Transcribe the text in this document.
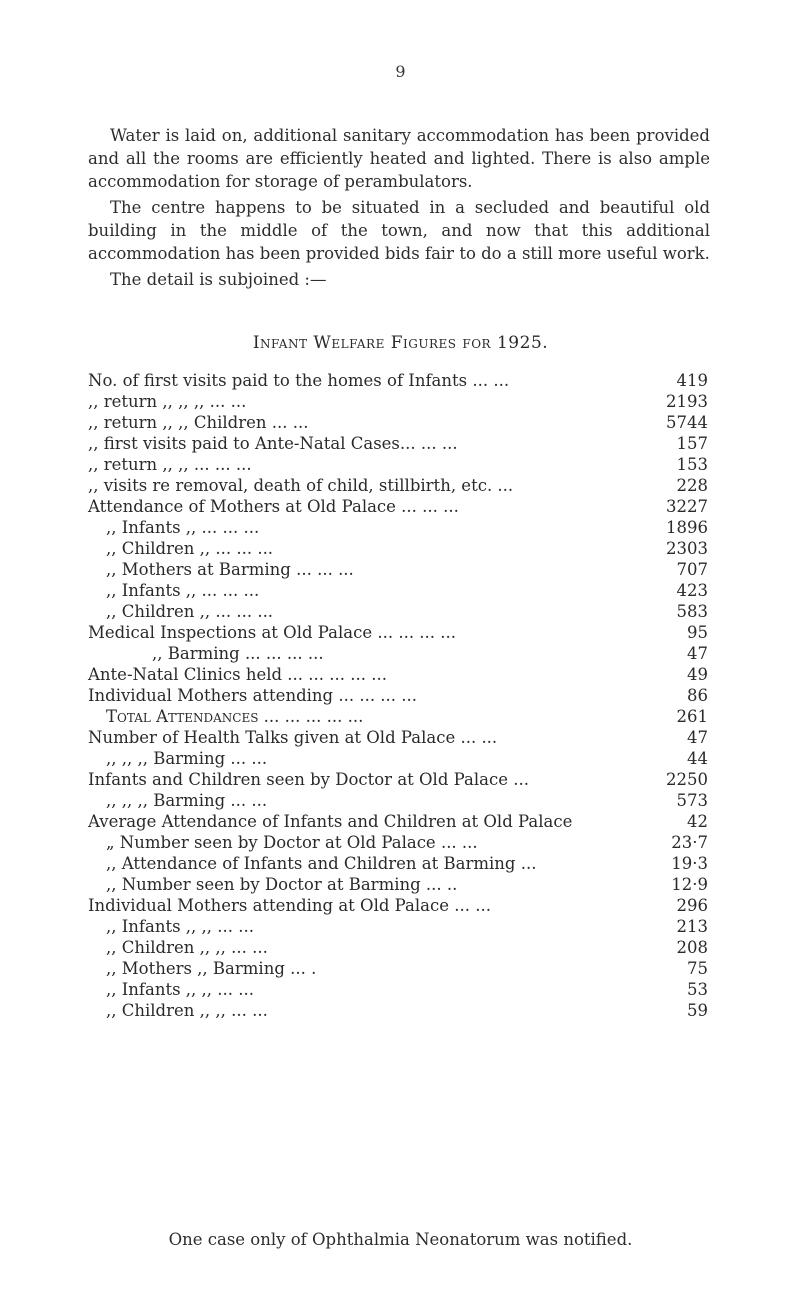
9

Water is laid on, additional sanitary accommodation has been provided and all the rooms are efficiently heated and lighted. There is also ample accommodation for storage of perambulators.

The centre happens to be situated in a secluded and beautiful old building in the middle of the town, and now that this additional accommodation has been provided bids fair to do a still more useful work.

The detail is subjoined :—

Infant Welfare Figures for 1925.
No. of first visits paid to the homes of Infants ... ...	419
,, return ,, ,, ,, ... ...	2193
,, return ,, ,, Children ... ...	5744
,, first visits paid to Ante-Natal Cases... ... ...	157
,, return ,, ,, ... ... ...	153
,, visits re removal, death of child, stillbirth, etc. ...	228
Attendance of Mothers at Old Palace ... ... ...	3227
,, Infants ,, ... ... ...	1896
,, Children ,, ... ... ...	2303
,, Mothers at Barming ... ... ...	707
,, Infants ,, ... ... ...	423
,, Children ,, ... ... ...	583
Medical Inspections at Old Palace ... ... ... ...	95
,, Barming ... ... ... ...	47
Ante-Natal Clinics held ... ... ... ... ...	49
Individual Mothers attending ... ... ... ...	86
Total Attendances ... ... ... ... ...	261
Number of Health Talks given at Old Palace ... ...	47
,, ,, ,, Barming ... ...	44
Infants and Children seen by Doctor at Old Palace ...	2250
,, ,, ,, Barming ... ...	573
Average Attendance of Infants and Children at Old Palace	42
„ Number seen by Doctor at Old Palace ... ...	23·7
,, Attendance of Infants and Children at Barming ...	19·3
,, Number seen by Doctor at Barming ... ..	12·9
Individual Mothers attending at Old Palace ... ...	296
,, Infants ,, ,, ... ...	213
,, Children ,, ,, ... ...	208
,, Mothers ,, Barming ... .	75
,, Infants ,, ,, ... ...	53
,, Children ,, ,, ... ...	59
One case only of Ophthalmia Neonatorum was notified.
